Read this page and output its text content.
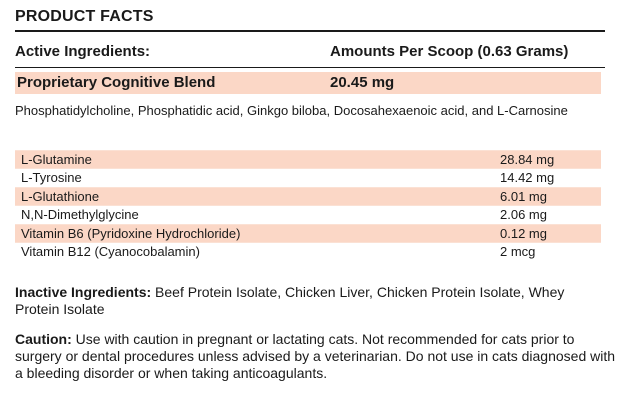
PRODUCT FACTS
Active Ingredients:	Amounts Per Scoop (0.63 Grams)
Proprietary Cognitive Blend	20.45 mg
Phosphatidylcholine, Phosphatidic acid, Ginkgo biloba, Docosahexaenoic acid, and L-Carnosine
L-Glutamine	28.84 mg
L-Tyrosine	14.42 mg
L-Glutathione	6.01 mg
N,N-Dimethylglycine	2.06 mg
Vitamin B6 (Pyridoxine Hydrochloride)	0.12 mg
Vitamin B12 (Cyanocobalamin)	2 mcg
Inactive Ingredients: Beef Protein Isolate, Chicken Liver, Chicken Protein Isolate, Whey Protein Isolate
Caution: Use with caution in pregnant or lactating cats. Not recommended for cats prior to surgery or dental procedures unless advised by a veterinarian. Do not use in cats diagnosed with a bleeding disorder or when taking anticoagulants.
